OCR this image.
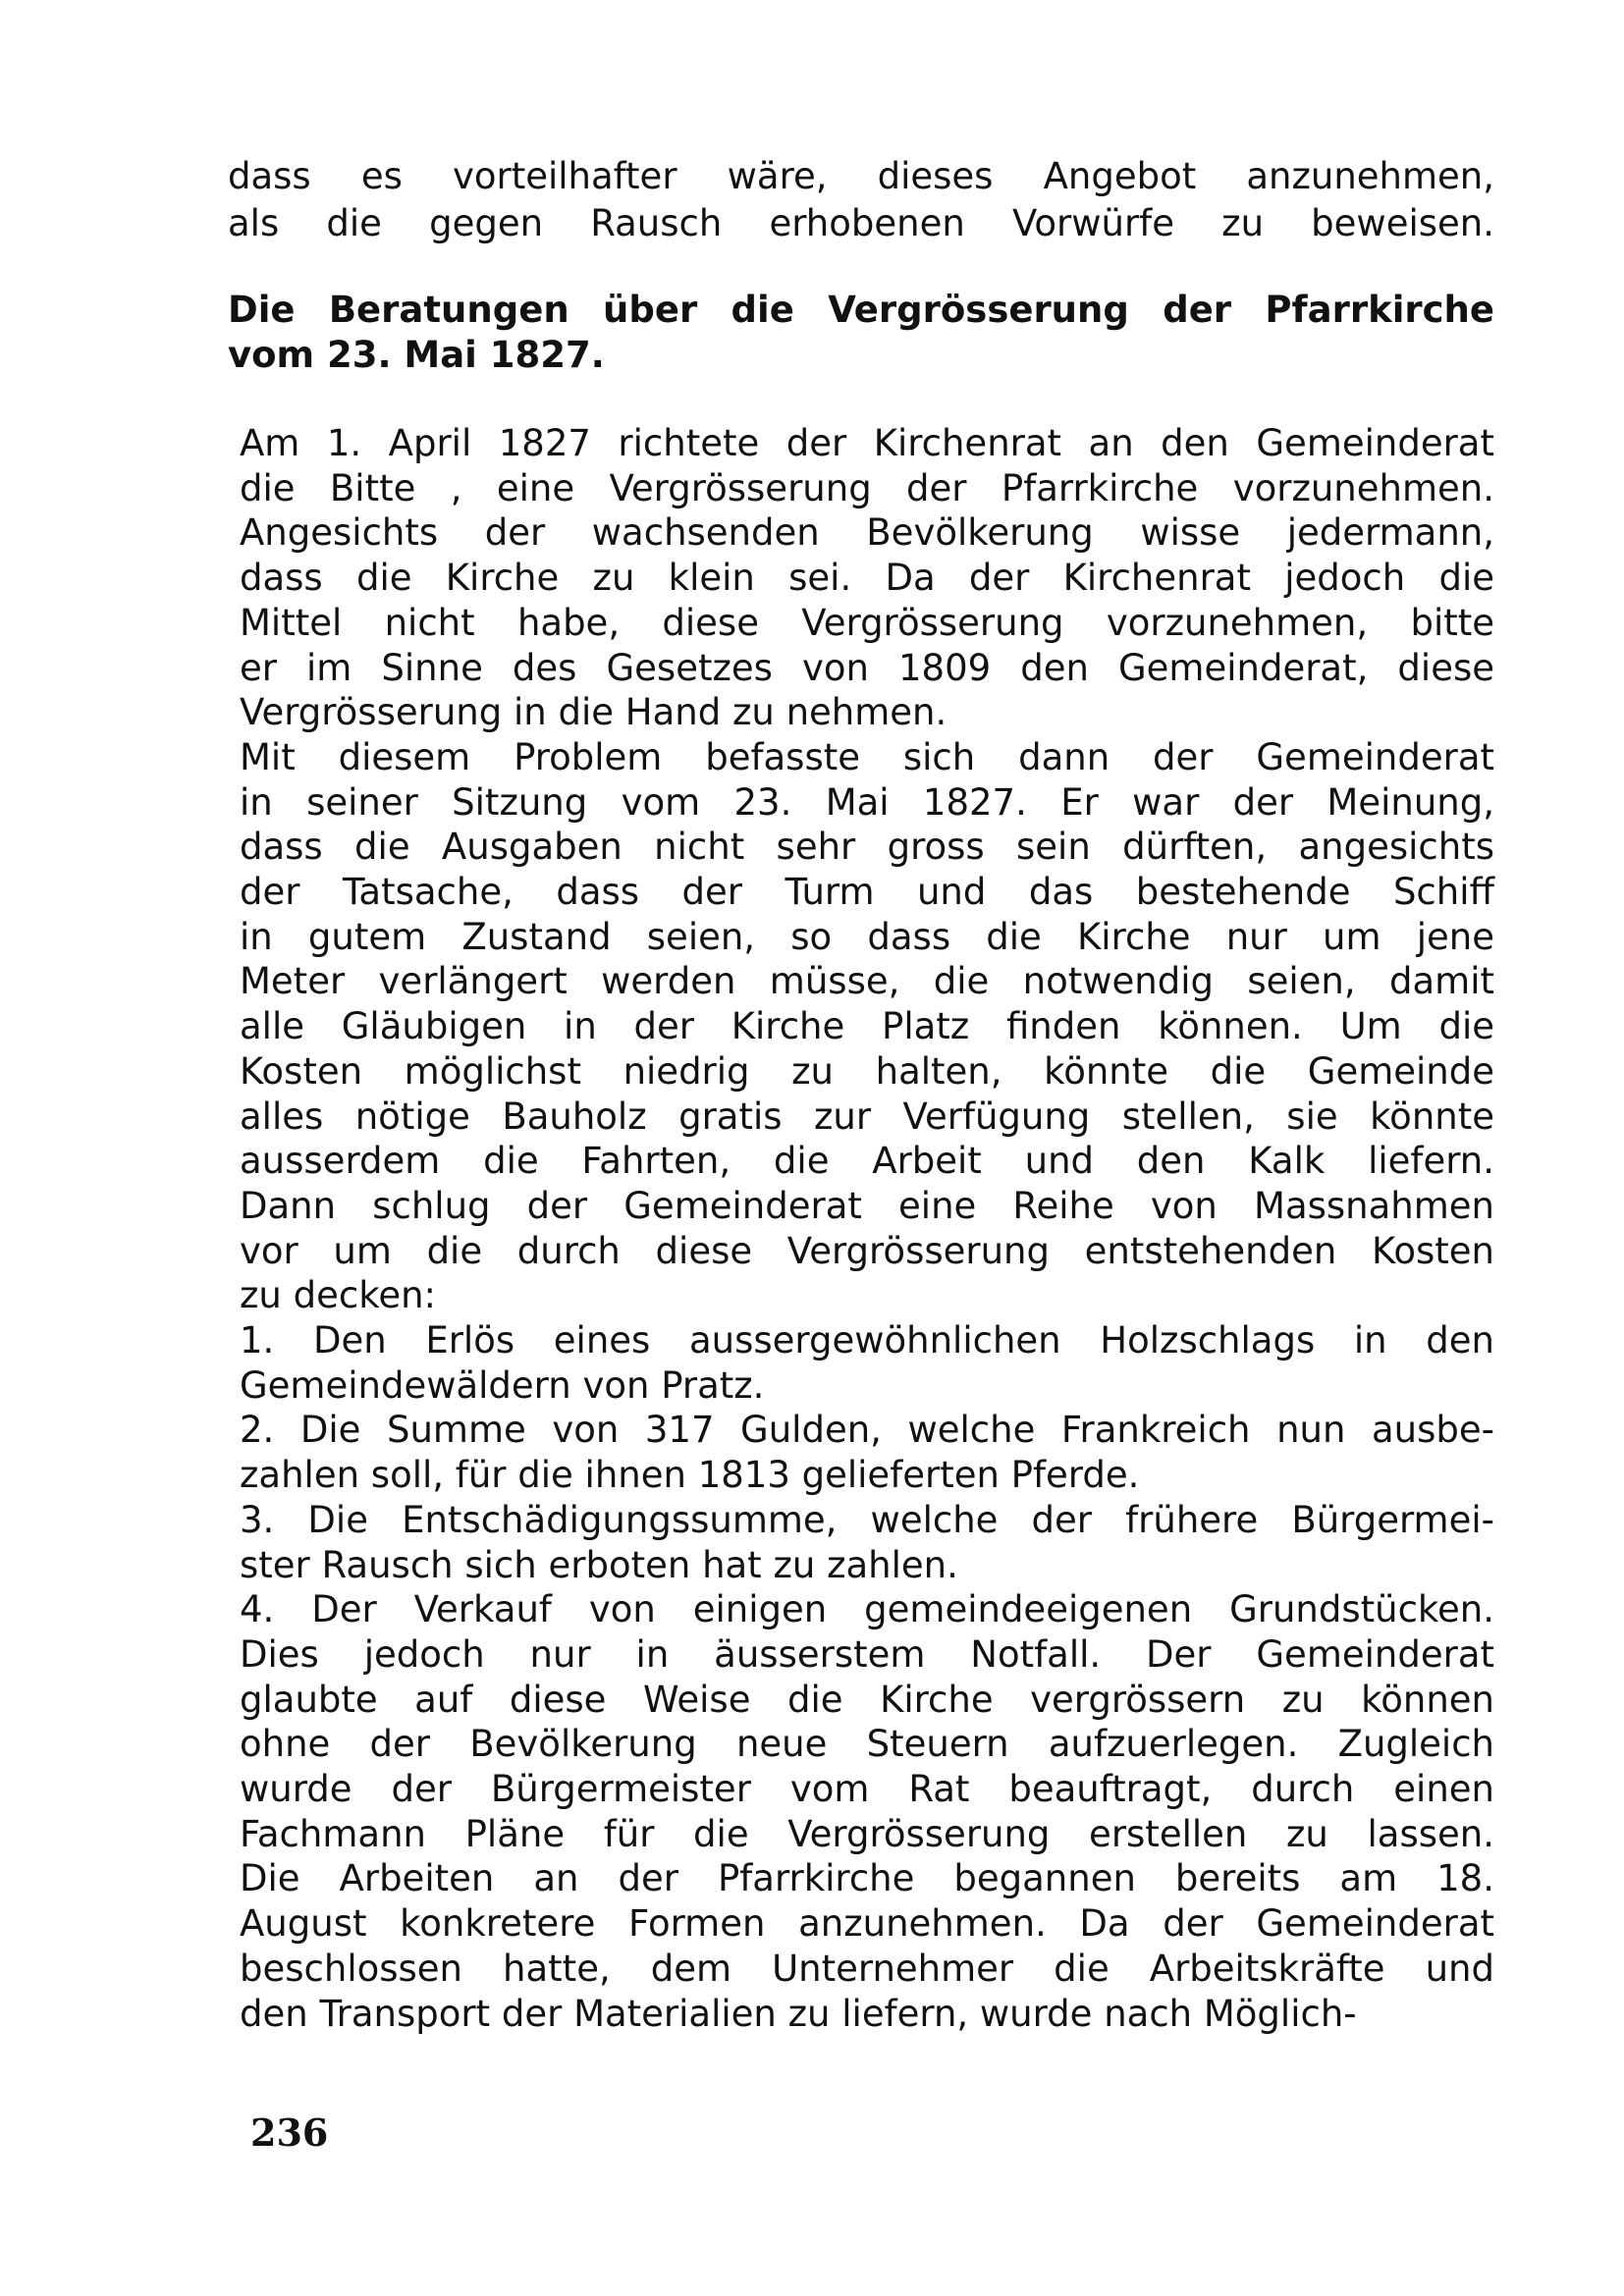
dass es vorteilhafter wäre, dieses Angebot anzunehmen,
als die gegen Rausch erhobenen Vorwürfe zu beweisen.
Die Beratungen über die Vergrösserung der Pfarrkirche
vom 23. Mai 1827.
Am 1. April 1827 richtete der Kirchenrat an den Gemeinderat
die Bitte , eine Vergrösserung der Pfarrkirche vorzunehmen.
Angesichts der wachsenden Bevölkerung wisse jedermann,
dass die Kirche zu klein sei. Da der Kirchenrat jedoch die
Mittel nicht habe, diese Vergrösserung vorzunehmen, bitte
er im Sinne des Gesetzes von 1809 den Gemeinderat, diese
Vergrösserung in die Hand zu nehmen.
Mit diesem Problem befasste sich dann der Gemeinderat
in seiner Sitzung vom 23. Mai 1827. Er war der Meinung,
dass die Ausgaben nicht sehr gross sein dürften, angesichts
der Tatsache, dass der Turm und das bestehende Schiff
in gutem Zustand seien, so dass die Kirche nur um jene
Meter verlängert werden müsse, die notwendig seien, damit
alle Gläubigen in der Kirche Platz finden können. Um die
Kosten möglichst niedrig zu halten, könnte die Gemeinde
alles nötige Bauholz gratis zur Verfügung stellen, sie könnte
ausserdem die Fahrten, die Arbeit und den Kalk liefern.
Dann schlug der Gemeinderat eine Reihe von Massnahmen
vor um die durch diese Vergrösserung entstehenden Kosten
zu decken:
1. Den Erlös eines aussergewöhnlichen Holzschlags in den
Gemeindewäldern von Pratz.
2. Die Summe von 317 Gulden, welche Frankreich nun ausbe-
zahlen soll, für die ihnen 1813 gelieferten Pferde.
3. Die Entschädigungssumme, welche der frühere Bürgermei-
ster Rausch sich erboten hat zu zahlen.
4. Der Verkauf von einigen gemeindeeigenen Grundstücken.
Dies jedoch nur in äusserstem Notfall. Der Gemeinderat
glaubte auf diese Weise die Kirche vergrössern zu können
ohne der Bevölkerung neue Steuern aufzuerlegen. Zugleich
wurde der Bürgermeister vom Rat beauftragt, durch einen
Fachmann Pläne für die Vergrösserung erstellen zu lassen.
Die Arbeiten an der Pfarrkirche begannen bereits am 18.
August konkretere Formen anzunehmen. Da der Gemeinderat
beschlossen hatte, dem Unternehmer die Arbeitskräfte und
den Transport der Materialien zu liefern, wurde nach Möglich-
236
